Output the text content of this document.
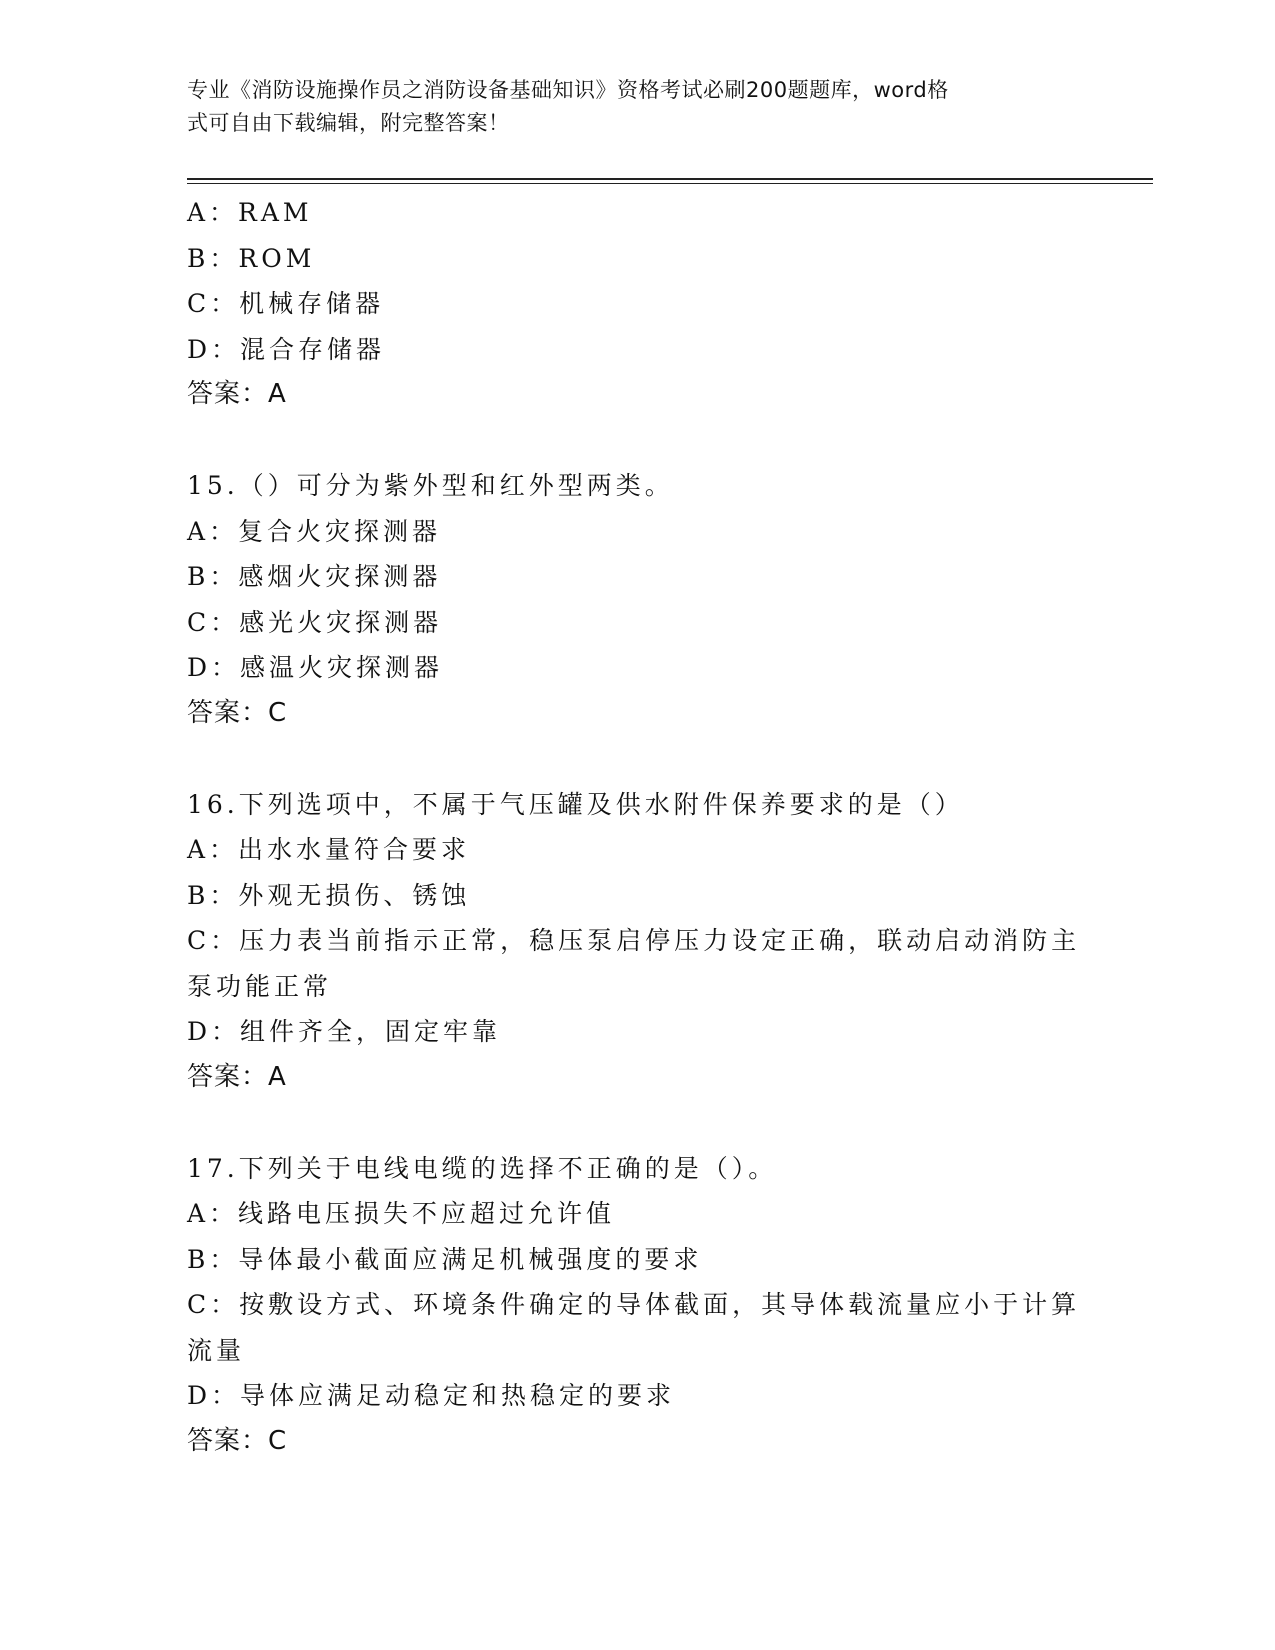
专业《消防设施操作员之消防设备基础知识》资格考试必刷200题题库，word格
式可自由下载编辑，附完整答案！
A：RAM
B：ROM
C：机械存储器
D：混合存储器
答案：A
15.（）可分为紫外型和红外型两类。
A：复合火灾探测器
B：感烟火灾探测器
C：感光火灾探测器
D：感温火灾探测器
答案：C
16.下列选项中，不属于气压罐及供水附件保养要求的是（）
A：出水水量符合要求
B：外观无损伤、锈蚀
C：压力表当前指示正常，稳压泵启停压力设定正确，联动启动消防主
泵功能正常
D：组件齐全，固定牢靠
答案：A
17.下列关于电线电缆的选择不正确的是（）。
A：线路电压损失不应超过允许值
B：导体最小截面应满足机械强度的要求
C：按敷设方式、环境条件确定的导体截面，其导体载流量应小于计算
流量
D：导体应满足动稳定和热稳定的要求
答案：C
